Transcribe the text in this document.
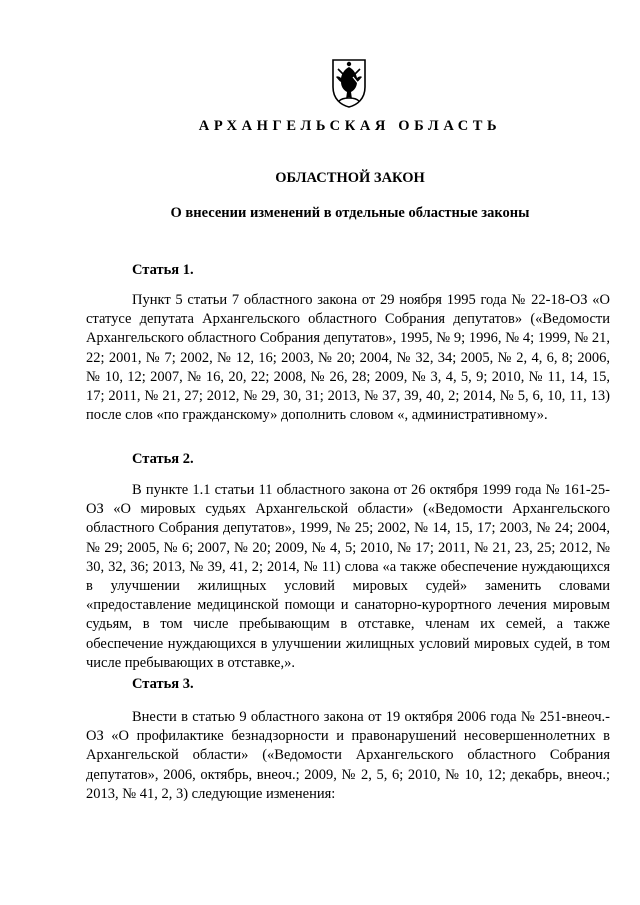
АРХАНГЕЛЬСКАЯ ОБЛАСТЬ
ОБЛАСТНОЙ ЗАКОН
О внесении изменений в отдельные областные законы
Статья 1.

Пункт 5 статьи 7 областного закона от 29 ноября 1995 года № 22-18-ОЗ «О статусе депутата Архангельского областного Собрания депутатов» («Ведомости Архангельского областного Собрания депутатов», 1995, № 9; 1996, № 4; 1999, № 21, 22; 2001, № 7; 2002, № 12, 16; 2003, № 20; 2004, № 32, 34; 2005, № 2, 4, 6, 8; 2006, № 10, 12; 2007, № 16, 20, 22; 2008, № 26, 28; 2009, № 3, 4, 5, 9; 2010, № 11, 14, 15, 17; 2011, № 21, 27; 2012, № 29, 30, 31; 2013, № 37, 39, 40, 2; 2014, № 5, 6, 10, 11, 13) после слов «по гражданскому» дополнить словом «, административному».

Статья 2.

В пункте 1.1 статьи 11 областного закона от 26 октября 1999 года № 161-25-ОЗ «О мировых судьях Архангельской области» («Ведомости Архангельского областного Собрания депутатов», 1999, № 25; 2002, № 14, 15, 17; 2003, № 24; 2004, № 29; 2005, № 6; 2007, № 20; 2009, № 4, 5; 2010, № 17; 2011, № 21, 23, 25; 2012, № 30, 32, 36; 2013, № 39, 41, 2; 2014, № 11) слова «а также обеспечение нуждающихся в улучшении жилищных условий мировых судей» заменить словами «предоставление медицинской помощи и санаторно-курортного лечения мировым судьям, в том числе пребывающим в отставке, членам их семей, а также обеспечение нуждающихся в улучшении жилищных условий мировых судей, в том числе пребывающих в отставке,».

Статья 3.

Внести в статью 9 областного закона от 19 октября 2006 года № 251-внеоч.-ОЗ «О профилактике безнадзорности и правонарушений несовершеннолетних в Архангельской области» («Ведомости Архангельского областного Собрания депутатов», 2006, октябрь, внеоч.; 2009, № 2, 5, 6; 2010, № 10, 12; декабрь, внеоч.; 2013, № 41, 2, 3) следующие изменения:
